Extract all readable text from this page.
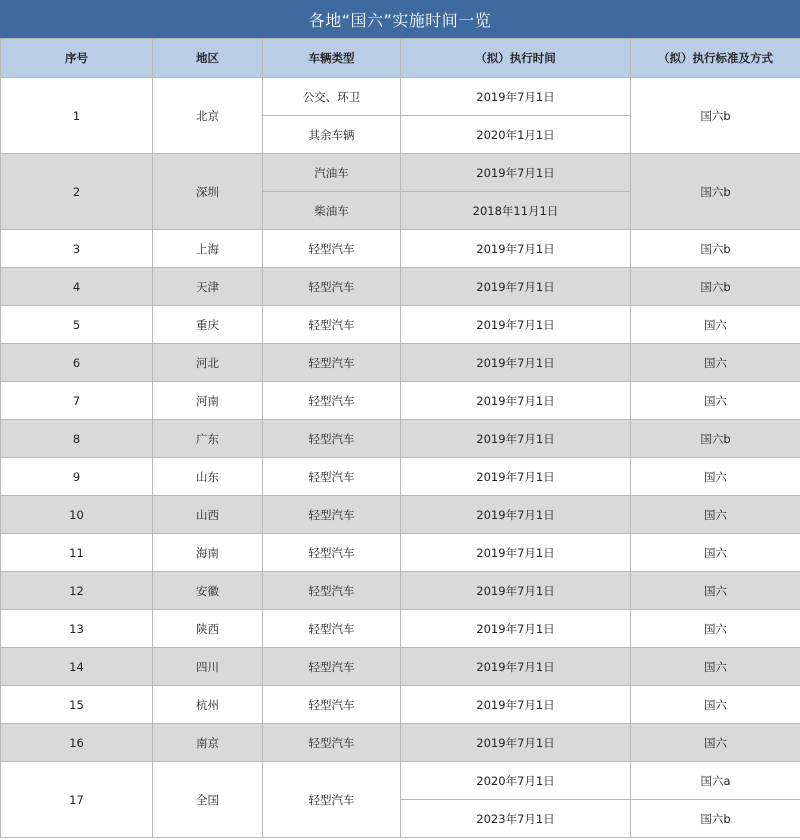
各地“国六”实施时间一览
序号	地区	车辆类型	（拟）执行时间	（拟）执行标准及方式
1	北京	公交、环卫	2019年7月1日	国六b
		其余车辆	2020年1月1日	
2	深圳	汽油车	2019年7月1日	国六b
		柴油车	2018年11月1日	
3	上海	轻型汽车	2019年7月1日	国六b
4	天津	轻型汽车	2019年7月1日	国六b
5	重庆	轻型汽车	2019年7月1日	国六
6	河北	轻型汽车	2019年7月1日	国六
7	河南	轻型汽车	2019年7月1日	国六
8	广东	轻型汽车	2019年7月1日	国六b
9	山东	轻型汽车	2019年7月1日	国六
10	山西	轻型汽车	2019年7月1日	国六
11	海南	轻型汽车	2019年7月1日	国六
12	安徽	轻型汽车	2019年7月1日	国六
13	陕西	轻型汽车	2019年7月1日	国六
14	四川	轻型汽车	2019年7月1日	国六
15	杭州	轻型汽车	2019年7月1日	国六
16	南京	轻型汽车	2019年7月1日	国六
17	全国	轻型汽车	2020年7月1日	国六a
			2023年7月1日	国六b
